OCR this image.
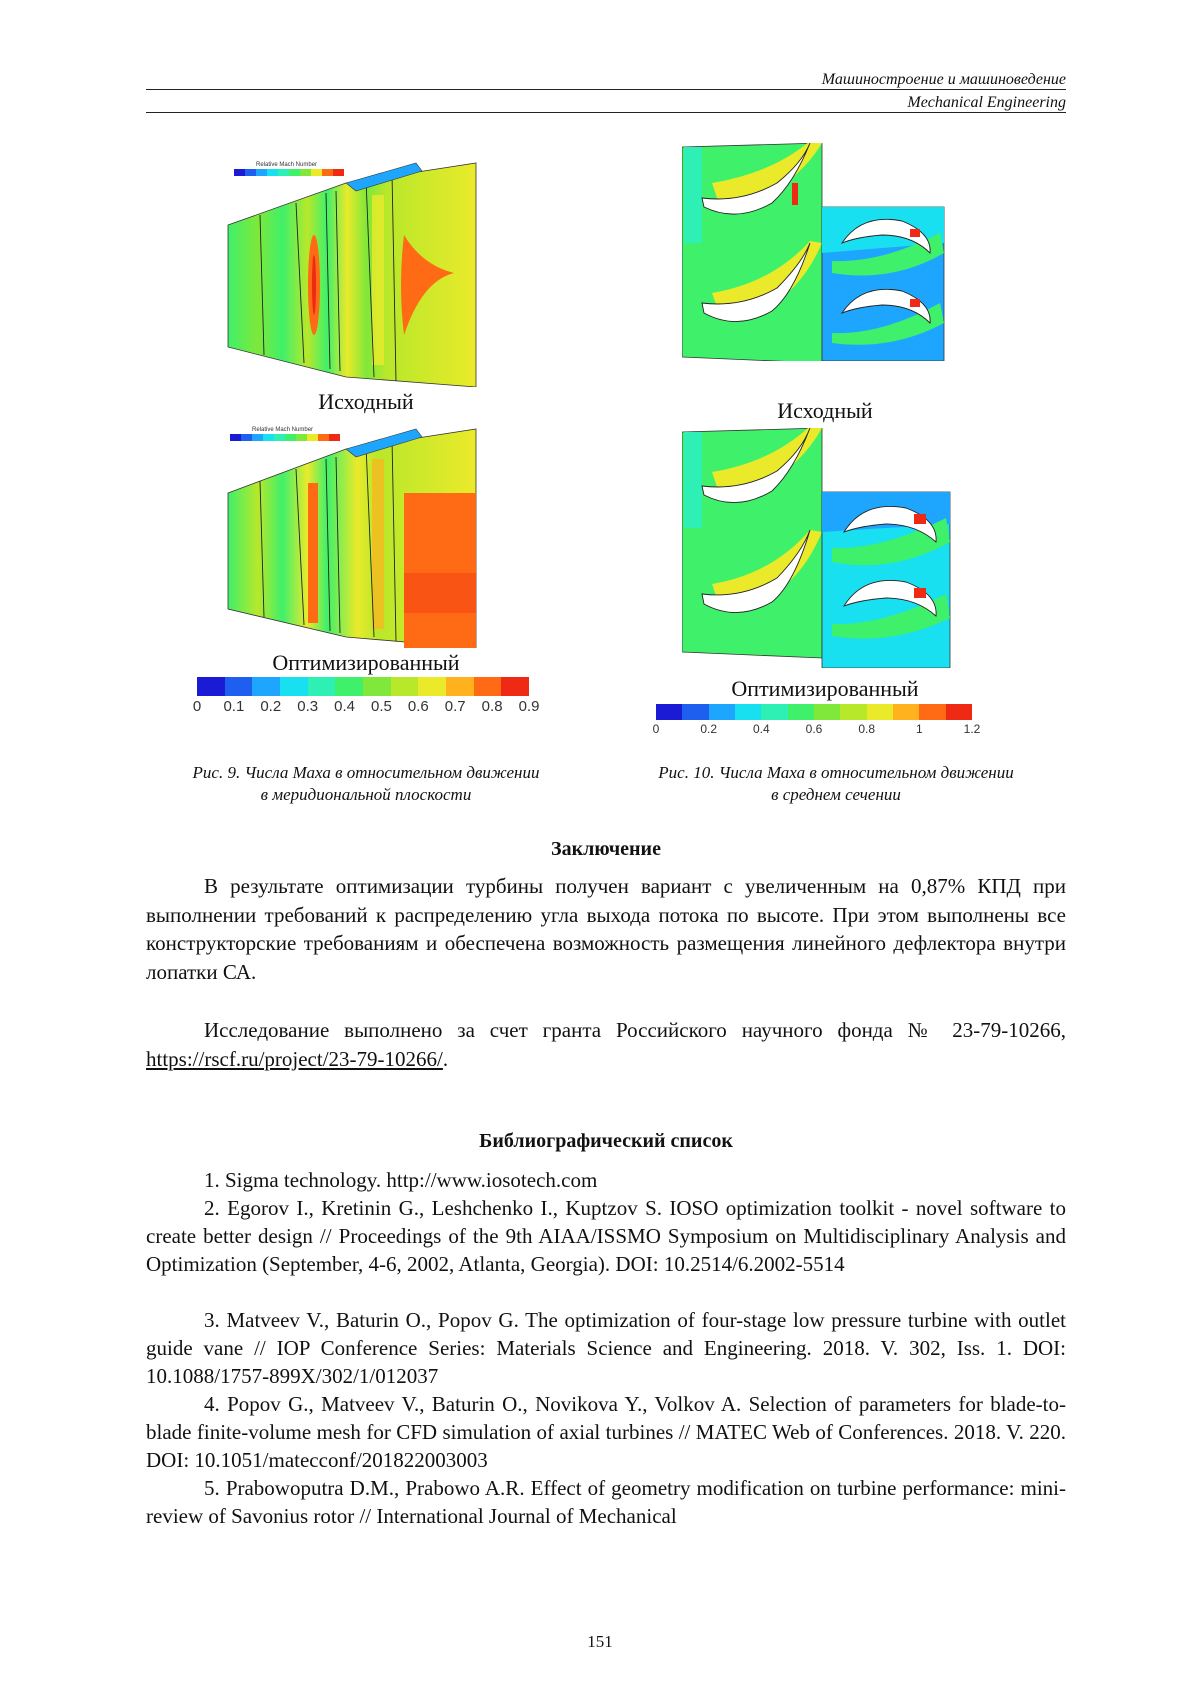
Машиностроение и машиноведение
Mechanical Engineering
Relative Mach Number
Исходный
Relative Mach Number
Оптимизированный
0 0.1 0.2 0.3 0.4 0.5 0.6 0.7 0.8 0.9
Исходный
Оптимизированный
0	0.2	0.4	0.6	0.8	1	1.2
Рис. 9. Числа Маха в относительном движении
в меридиональной плоскости
Рис. 10. Числа Маха в относительном движении
в среднем сечении
Заключение
В результате оптимизации турбины получен вариант с увеличенным на 0,87% КПД при выполнении требований к распределению угла выхода потока по высоте. При этом выполнены все конструкторские требованиям и обеспечена возможность размещения линейного дефлектора внутри лопатки СА.
Исследование выполнено за счет гранта Российского научного фонда № 23-79-10266, https://rscf.ru/project/23-79-10266/.
Библиографический список
1. Sigma technology. http://www.iosotech.com
2. Egorov I., Kretinin G., Leshchenko I., Kuptzov S. IOSO optimization toolkit - novel software to create better design // Proceedings of the 9th AIAA/ISSMO Symposium on Multidisciplinary Analysis and Optimization (September, 4-6, 2002, Atlanta, Georgia). DOI: 10.2514/6.2002-5514
3. Matveev V., Baturin O., Popov G. The optimization of four-stage low pressure turbine with outlet guide vane // IOP Conference Series: Materials Science and Engineering. 2018. V. 302, Iss. 1. DOI: 10.1088/1757-899X/302/1/012037
4. Popov G., Matveev V., Baturin O., Novikova Y., Volkov A. Selection of parameters for blade-to-blade finite-volume mesh for CFD simulation of axial turbines // MATEC Web of Conferences. 2018. V. 220. DOI: 10.1051/matecconf/201822003003
5. Prabowoputra D.M., Prabowo A.R. Effect of geometry modification on turbine performance: mini-review of Savonius rotor // International Journal of Mechanical
151
